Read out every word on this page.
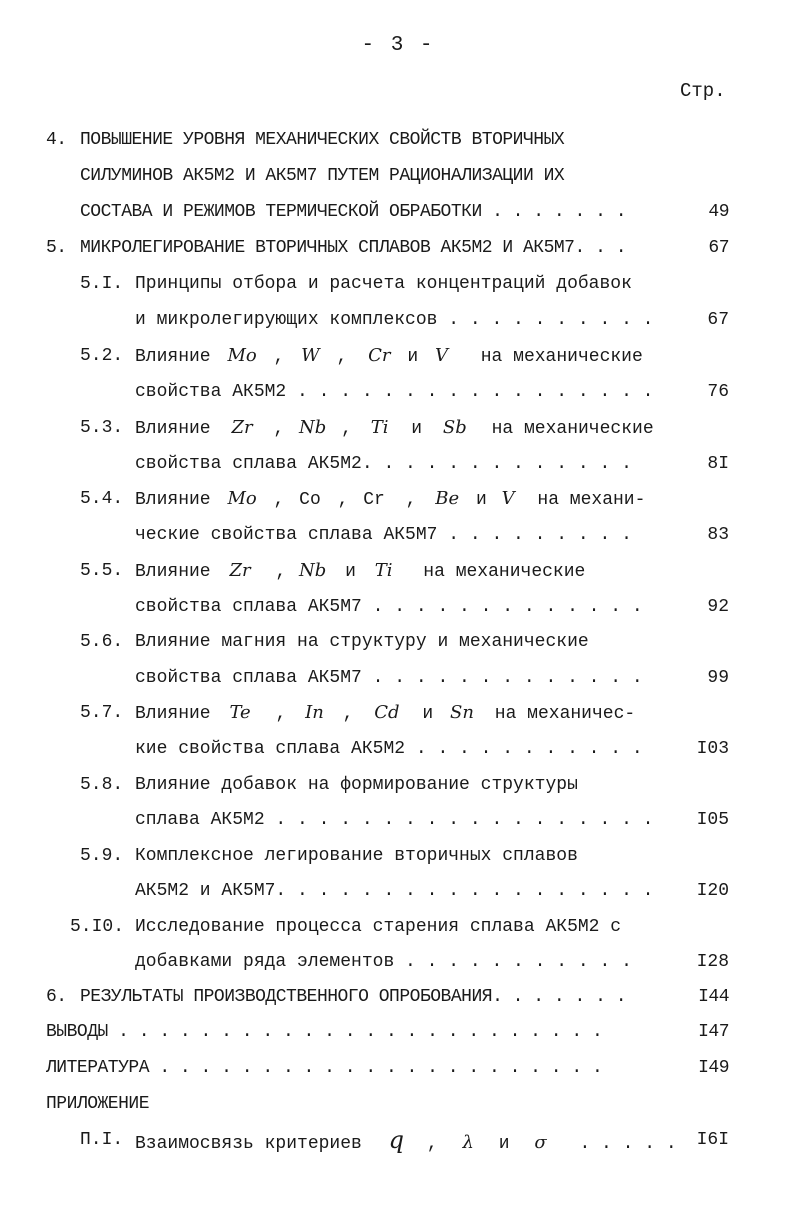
- 3 -
Стр.
4. ПОВЫШЕНИЕ УРОВНЯ МЕХАНИЧЕСКИХ СВОЙСТВ ВТОРИЧНЫХ
СИЛУМИНОВ АК5М2 И АК5М7 ПУТЕМ РАЦИОНАЛИЗАЦИИ ИХ
СОСТАВА И РЕЖИМОВ ТЕРМИЧЕСКОЙ ОБРАБОТКИ . . . . . . .	49
5. МИКРОЛЕГИРОВАНИЕ ВТОРИЧНЫХ СПЛАВОВ АК5М2 И АК5М7. . .	67
5.I. Принципы отбора и расчета концентраций добавок
и микролегирующих комплексов . . . . . . . . . .	67
5.2. Влияние Mo , W , Cr и V на механические
свойства АК5М2 . . . . . . . . . . . . . . . . .	76
5.3. Влияние Zr , Nb , Ti и Sb на механические
свойства сплава АК5М2. . . . . . . . . . . . .	8I
5.4. Влияние Mo , Co , Cr , Be и V на механи-
ческие свойства сплава АК5М7 . . . . . . . . .	83
5.5. Влияние Zr , Nb и Ti на механические
свойства сплава АК5М7 . . . . . . . . . . . . .	92
5.6. Влияние магния на структуру и механические
свойства сплава АК5М7 . . . . . . . . . . . . .	99
5.7. Влияние Te , In , Cd и Sn на механичес-
кие свойства сплава АК5М2 . . . . . . . . . . .	I03
5.8. Влияние добавок на формирование структуры
сплава АК5М2 . . . . . . . . . . . . . . . . . . I05
5.9. Комплексное легирование вторичных сплавов
АК5М2 и АК5М7. . . . . . . . . . . . . . . . . . I20
5.I0. Исследование процесса старения сплава АК5М2 с
добавками ряда элементов . . . . . . . . . . .	I28
6. РЕЗУЛЬТАТЫ ПРОИЗВОДСТВЕННОГО ОПРОБОВАНИЯ. . . . . . .	I44
ВЫВОДЫ . . . . . . . . . . . . . . . . . . . . . . . .	I47
ЛИТЕРАТУРА . . . . . . . . . . . . . . . . . . . . . .	I49
ПРИЛОЖЕНИЕ
П.I. Взаимосвязь критериев q , λ и σ . . . . . I6I
